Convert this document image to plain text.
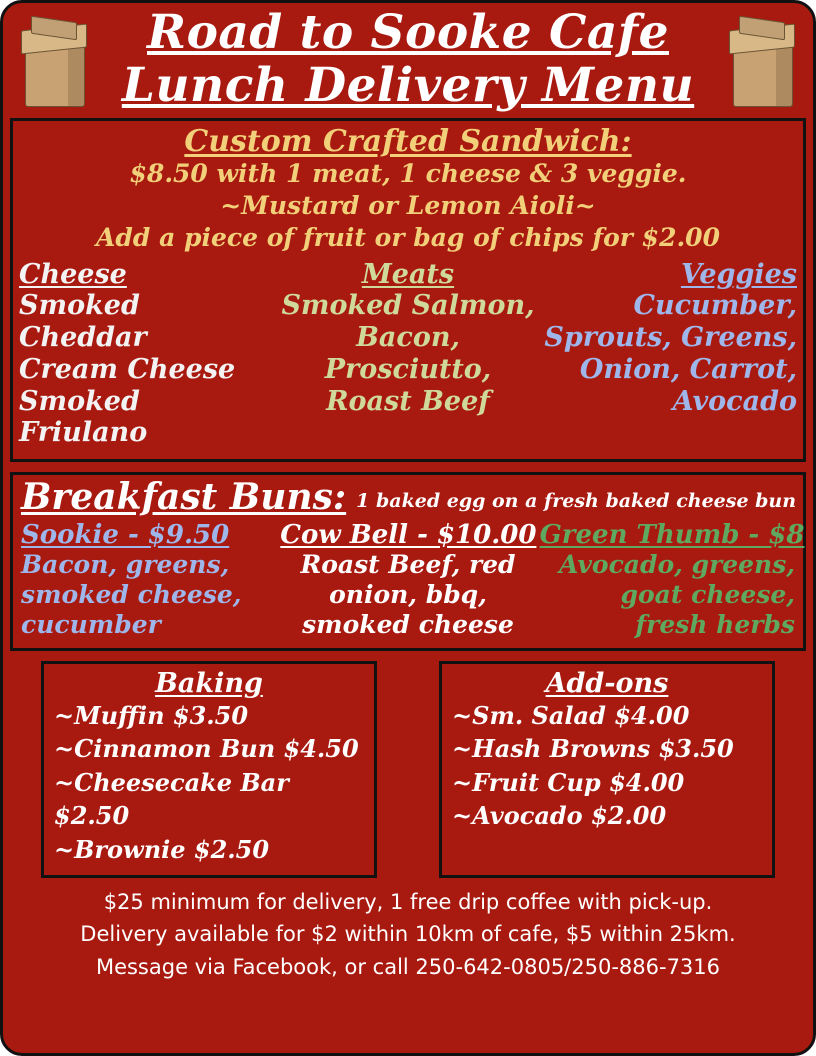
Road to Sooke Cafe
Lunch Delivery Menu
Custom Crafted Sandwich:
$8.50 with 1 meat, 1 cheese & 3 veggie.
~Mustard or Lemon Aioli~
Add a piece of fruit or bag of chips for $2.00
Cheese
Smoked Cheddar
Cream Cheese
Smoked Friulano
Meats
Smoked Salmon,
Bacon, Prosciutto,
Roast Beef
Veggies
Cucumber,
Sprouts, Greens,
Onion, Carrot,
Avocado
Breakfast Buns: 1 baked egg on a fresh baked cheese bun
Sookie - $9.50
Bacon, greens,
smoked cheese,
cucumber
Cow Bell - $10.00
Roast Beef, red
onion, bbq,
smoked cheese
Green Thumb - $8
Avocado, greens,
goat cheese,
fresh herbs
Baking
~Muffin $3.50
~Cinnamon Bun $4.50
~Cheesecake Bar $2.50
~Brownie $2.50
Add-ons
~Sm. Salad $4.00
~Hash Browns $3.50
~Fruit Cup $4.00
~Avocado $2.00
$25 minimum for delivery, 1 free drip coffee with pick-up.
Delivery available for $2 within 10km of cafe, $5 within 25km.
Message via Facebook, or call 250-642-0805/250-886-7316
